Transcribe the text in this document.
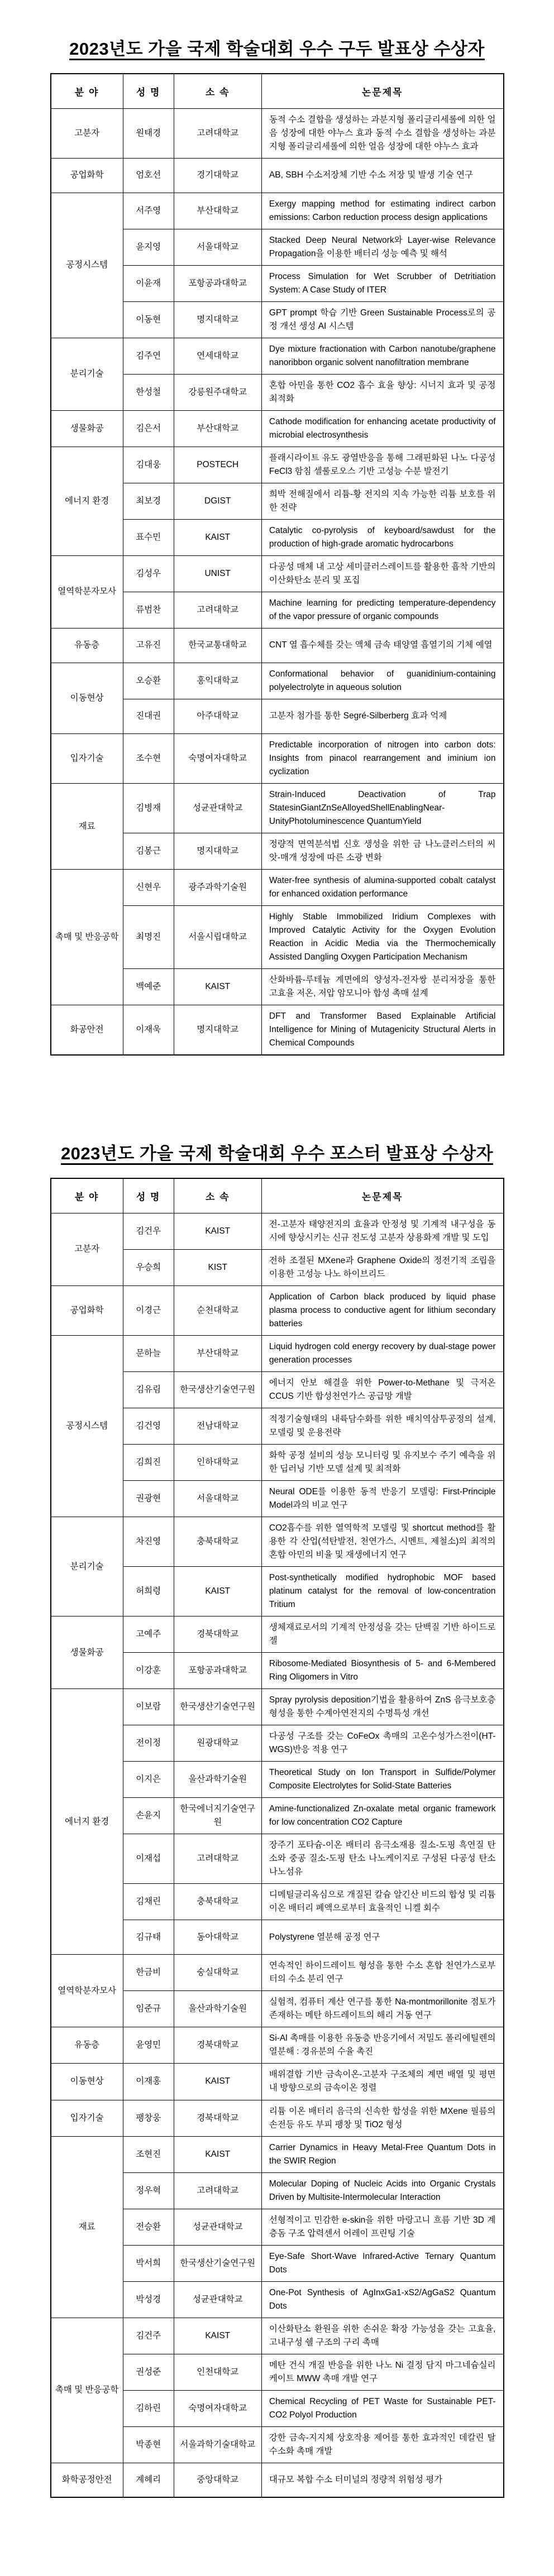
2023년도 가을 국제 학술대회 우수 구두 발표상 수상자
분 야	성 명	소 속	논문제목
고분자	원태경	고려대학교	동적 수소 결합을 생성하는 과분지형 폴리글리세롤에 의한 얼음 성장에 대한 야누스 효과 동적 수소 결합을 생성하는 과분지형 폴리글리세롤에 의한 얼음 성장에 대한 야누스 효과
공업화학	엄호선	경기대학교	AB, SBH 수소저장체 기반 수소 저장 및 발생 기술 연구
공정시스템	서주영	부산대학교	Exergy mapping method for estimating indirect carbon emissions: Carbon reduction process design applications
	윤지영	서울대학교	Stacked Deep Neural Network와 Layer-wise Relevance Propagation을 이용한 배터리 성능 예측 및 해석
	이윤재	포항공과대학교	Process Simulation for Wet Scrubber of Detritiation System: A Case Study of ITER
	이동현	명지대학교	GPT prompt 학습 기반 Green Sustainable Process로의 공정 개선 생성 AI 시스템
분리기술	김주연	연세대학교	Dye mixture fractionation with Carbon nanotube/graphene nanoribbon organic solvent nanofiltration membrane
	한성철	강릉원주대학교	혼합 아민을 통한 CO2 흡수 효율 향상: 시너지 효과 및 공정 최적화
생물화공	김은서	부산대학교	Cathode modification for enhancing acetate productivity of microbial electrosynthesis
에너지 환경	김대웅	POSTECH	플래시라이트 유도 광열반응을 통해 그래핀화된 나노 다공성 FeCl3 함침 셀룰로오스 기반 고성능 수분 발전기
	최보경	DGIST	희박 전해질에서 리튬-황 전지의 지속 가능한 리튬 보호를 위한 전략
	표수민	KAIST	Catalytic co-pyrolysis of keyboard/sawdust for the production of high-grade aromatic hydrocarbons
열역학분자모사	김성우	UNIST	다공성 매체 내 고상 세미클러스레이트를 활용한 흡착 기반의 이산화탄소 분리 및 포집
	류범찬	고려대학교	Machine learning for predicting temperature-dependency of the vapor pressure of organic compounds
유동층	고유진	한국교통대학교	CNT 열 흡수체를 갖는 액체 금속 태양열 흡열기의 기체 예열
이동현상	오승환	홍익대학교	Conformational behavior of guanidinium-containing polyelectrolyte in aqueous solution
	진대권	아주대학교	고분자 첨가를 통한 Segré-Silberberg 효과 억제
입자기술	조수현	숙명여자대학교	Predictable incorporation of nitrogen into carbon dots: Insights from pinacol rearrangement and iminium ion cyclization
재료	김병재	성균관대학교	Strain-Induced Deactivation of Trap StatesinGiantZnSeAlloyedShellEnablingNear-UnityPhotoluminescence QuantumYield
	김봉근	명지대학교	정량적 면역분석법 신호 생성을 위한 금 나노클러스터의 씨앗-매개 성장에 따른 소광 변화
촉매 및 반응공학	신현우	광주과학기술원	Water-free synthesis of alumina-supported cobalt catalyst for enhanced oxidation performance
	최명진	서울시립대학교	Highly Stable Immobilized Iridium Complexes with Improved Catalytic Activity for the Oxygen Evolution Reaction in Acidic Media via the Thermochemically Assisted Dangling Oxygen Participation Mechanism
	백예준	KAIST	산화바륨-루테늄 계면에의 양성자-전자쌍 분리저장을 통한 고효율 저온, 저압 암모니아 합성 촉매 설계
화공안전	이재욱	명지대학교	DFT and Transformer Based Explainable Artificial Intelligence for Mining of Mutagenicity Structural Alerts in Chemical Compounds
2023년도 가을 국제 학술대회 우수 포스터 발표상 수상자
분 야	성 명	소 속	논문제목
고분자	김건우	KAIST	전-고분자 태양전지의 효율과 안정성 및 기계적 내구성을 동시에 향상시키는 신규 전도성 고분자 상용화제 개발 및 도입
	우승희	KIST	전하 조절된 MXene과 Graphene Oxide의 정전기적 조립을 이용한 고성능 나노 하이브리드
공업화학	이경근	순천대학교	Application of Carbon black produced by liquid phase plasma process to conductive agent for lithium secondary batteries
공정시스템	문하늘	부산대학교	Liquid hydrogen cold energy recovery by dual-stage power generation processes
	김유림	한국생산기술연구원	에너지 안보 해결을 위한 Power-to-Methane 및 극저온 CCUS 기반 합성천연가스 공급망 개발
	김건영	전남대학교	적정기술형태의 내륙담수화를 위한 배치역삼투공정의 설계, 모델링 및 운용전략
	김희진	인하대학교	화학 공정 설비의 성능 모니터링 및 유지보수 주기 예측을 위한 딥러닝 기반 모델 설계 및 최적화
	권광현	서울대학교	Neural ODE를 이용한 동적 반응기 모델링: First-Principle Model과의 비교 연구
분리기술	차진영	충북대학교	CO2흡수를 위한 열역학적 모델링 및 shortcut method를 활용한 각 산업(석탄발전, 천연가스, 시멘트, 제철소)의 최적의 혼합 아민의 비율 및 재생에너지 연구
	허희령	KAIST	Post-synthetically modified hydrophobic MOF based platinum catalyst for the removal of low-concentration Tritium
생물화공	고예주	경북대학교	생체재료로서의 기계적 안정성을 갖는 단백질 기반 하이드로젤
	이강훈	포항공과대학교	Ribosome-Mediated Biosynthesis of 5- and 6-Membered Ring Oligomers in Vitro
에너지 환경	이보람	한국생산기술연구원	Spray pyrolysis deposition기법을 활용하여 ZnS 음극보호층 형성을 통한 수계아연전지의 수명특성 개선
	전이정	원광대학교	다공성 구조를 갖는 CoFeOx 촉매의 고온수성가스전이(HT-WGS)반응 적용 연구
	이지은	울산과학기술원	Theoretical Study on Ion Transport in Sulfide/Polymer Composite Electrolytes for Solid-State Batteries
	손윤지	한국에너지기술연구원	Amine-functionalized Zn-oxalate metal organic framework for low concentration CO2 Capture
	이재섭	고려대학교	장주기 포타슘-이온 배터리 음극소재용 질소-도핑 흑연질 탄소와 중공 질소-도핑 탄소 나노케이지로 구성된 다공성 탄소 나노섬유
	김채린	충북대학교	디메틸글리옥심으로 개질된 칼슘 알긴산 비드의 합성 및 리튬 이온 배터리 폐액으로부터 효율적인 니켈 회수
	김규태	동아대학교	Polystyrene 열분해 공정 연구
열역학분자모사	한금비	숭실대학교	연속적인 하이드레이트 형성을 통한 수소 혼합 천연가스로부터의 수소 분리 연구
	임준규	울산과학기술원	실험적, 컴퓨터 계산 연구를 통한 Na-montmorillonite 점토가 존재하는 메탄 하드레이트의 해리 거동 연구
유동층	윤영민	경북대학교	Si-Al 촉매를 이용한 유동층 반응기에서 저밀도 폴리에틸렌의 열분해 : 경유분의 수율 촉진
이동현상	이재홍	KAIST	배위결합 기반 금속이온-고분자 구조체의 계면 배열 및 평면 내 방향으로의 금속이온 정렬
입자기술	팽창웅	경북대학교	리튬 이온 배터리 음극의 신속한 합성을 위한 MXene 필름의 손전등 유도 부피 팽창 및 TiO2 형성
재료	조현진	KAIST	Carrier Dynamics in Heavy Metal-Free Quantum Dots in the SWIR Region
	정우혁	고려대학교	Molecular Doping of Nucleic Acids into Organic Crystals Driven by Multisite-Intermolecular Interaction
	전승환	성균관대학교	선형적이고 민감한 e-skin을 위한 마랑고니 흐름 기반 3D 계층돔 구조 압력센서 어레이 프린팅 기술
	박서희	한국생산기술연구원	Eye-Safe Short-Wave Infrared-Active Ternary Quantum Dots
	박성경	성균관대학교	One-Pot Synthesis of AgInxGa1-xS2/AgGaS2 Quantum Dots
촉매 및 반응공학	김건주	KAIST	이산화탄소 환원을 위한 손쉬운 확장 가능성을 갖는 고효율, 고내구성 쉘 구조의 구리 촉매
	권성준	인천대학교	메탄 건식 개질 반응을 위한 나노 Ni 결정 담지 마그네슘실리케이트 MWW 촉매 개발 연구
	김하린	숙명여자대학교	Chemical Recycling of PET Waste for Sustainable PET-CO2 Polyol Production
	박종현	서울과학기술대학교	강한 금속-지지체 상호작용 제어를 통한 효과적인 데칼린 탈수소화 촉매 개발
화학공정안전	계혜리	중앙대학교	대규모 복합 수소 터미널의 정량적 위험성 평가
